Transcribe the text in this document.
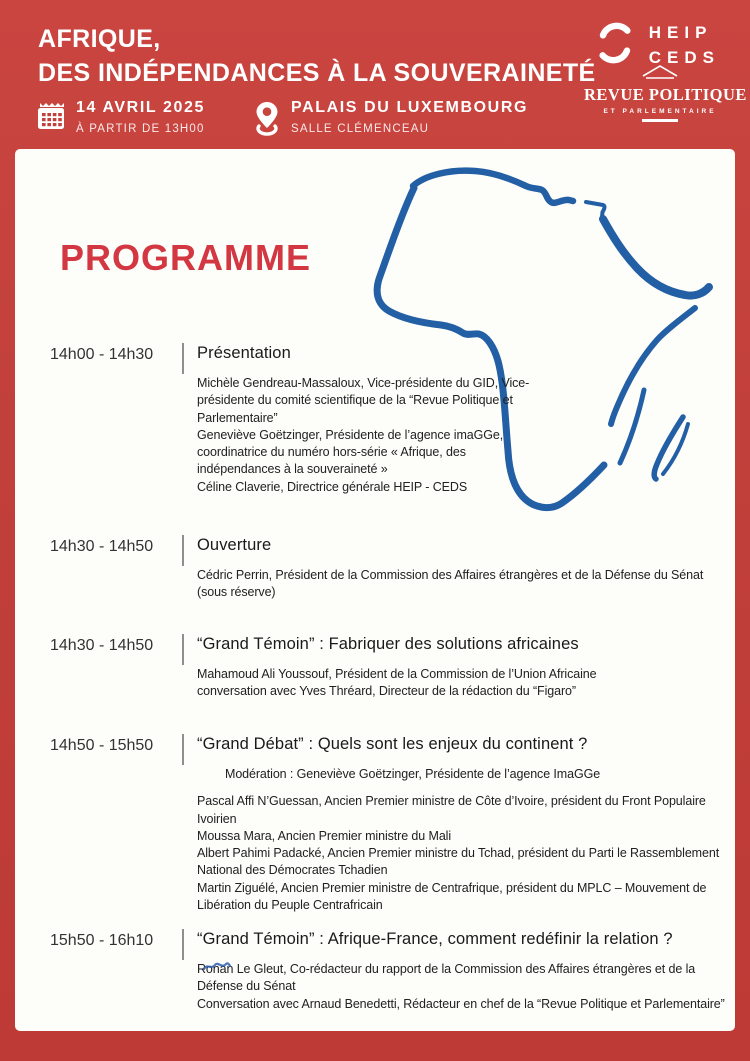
AFRIQUE,
DES INDÉPENDANCES À LA SOUVERAINETÉ
14 AVRIL 2025
À PARTIR DE 13H00
PALAIS DU LUXEMBOURG
SALLE CLÉMENCEAU
HEIP
CEDS
REVUE POLITIQUE
ET PARLEMENTAIRE
PROGRAMME
14h00 - 14h30	Présentation

Michèle Gendreau-Massaloux, Vice-présidente du GID, Vice-présidente du comité scientifique de la “Revue Politique et Parlementaire”

Geneviève Goëtzinger, Présidente de l’agence imaGGe, coordinatrice du numéro hors-série « Afrique, des indépendances à la souveraineté »

Céline Claverie, Directrice générale HEIP - CEDS

14h30 - 14h50	Ouverture

Cédric Perrin, Président de la Commission des Affaires étrangères et de la Défense du Sénat (sous réserve)

14h30 - 14h50	“Grand Témoin” : Fabriquer des solutions africaines

Mahamoud Ali Youssouf, Président de la Commission de l’Union Africaine

conversation avec Yves Thréard, Directeur de la rédaction du “Figaro”

14h50 - 15h50	“Grand Débat” : Quels sont les enjeux du continent ?

Modération : Geneviève Goëtzinger, Présidente de l’agence ImaGGe

Pascal Affi N’Guessan, Ancien Premier ministre de Côte d’Ivoire, président du Front Populaire Ivoirien

Moussa Mara, Ancien Premier ministre du Mali

Albert Pahimi Padacké, Ancien Premier ministre du Tchad, président du Parti le Rassemblement National des Démocrates Tchadien

Martin Ziguélé, Ancien Premier ministre de Centrafrique, président du MPLC – Mouvement de Libération du Peuple Centrafricain

15h50 - 16h10	“Grand Témoin” : Afrique-France, comment redéfinir la relation ?

Ronan Le Gleut, Co-rédacteur du rapport de la Commission des Affaires étrangères et de la Défense du Sénat

Conversation avec Arnaud Benedetti, Rédacteur en chef de la “Revue Politique et Parlementaire”
